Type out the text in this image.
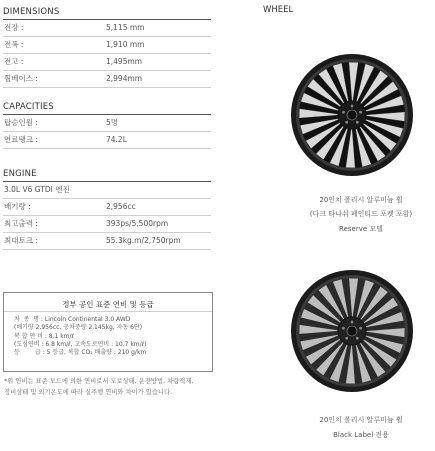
DIMENSIONS
전장 :	5,115 mm
전폭 :	1,910 mm
전고 :	1,495mm
휠베이스 :	2,994mm
CAPACITIES
탑승인원 :	5명
연료탱크 :	74.2L
ENGINE
3.0L V6 GTDI 엔진
배기량 :	2,956cc
최고출력 :	393ps/5,500rpm
최대토크 :	55.3kg.m/2,750rpm
정부 공인 표준 연비 및 등급
차  종  명 : Lincoln Continental 3.0 AWD
(배기량 2,956cc, 공차중량 2,145kg, 자동 6단)
복 합 연 비 : 8.1 km/ℓ
(도심연비 : 6.8 km/ℓ, 고속도로연비 : 10.7 km/ℓ)
등        급 : 5 등급, 복합 CO₂ 배출량 : 210 g/km
*위 연비는 표준 모드에 의한 연비로서 도로상태, 운전방법, 차량적재,
정비상태 및 외기온도에 따라 실주행 연비와 차이가 있습니다.
WHEEL
20인치 폴리시 알루미늄 휠
(다크 타나쉬 페인티드 포켓 포함)
Reserve 모델
20인치 폴리시 알루미늄 휠
Black Label 전용
